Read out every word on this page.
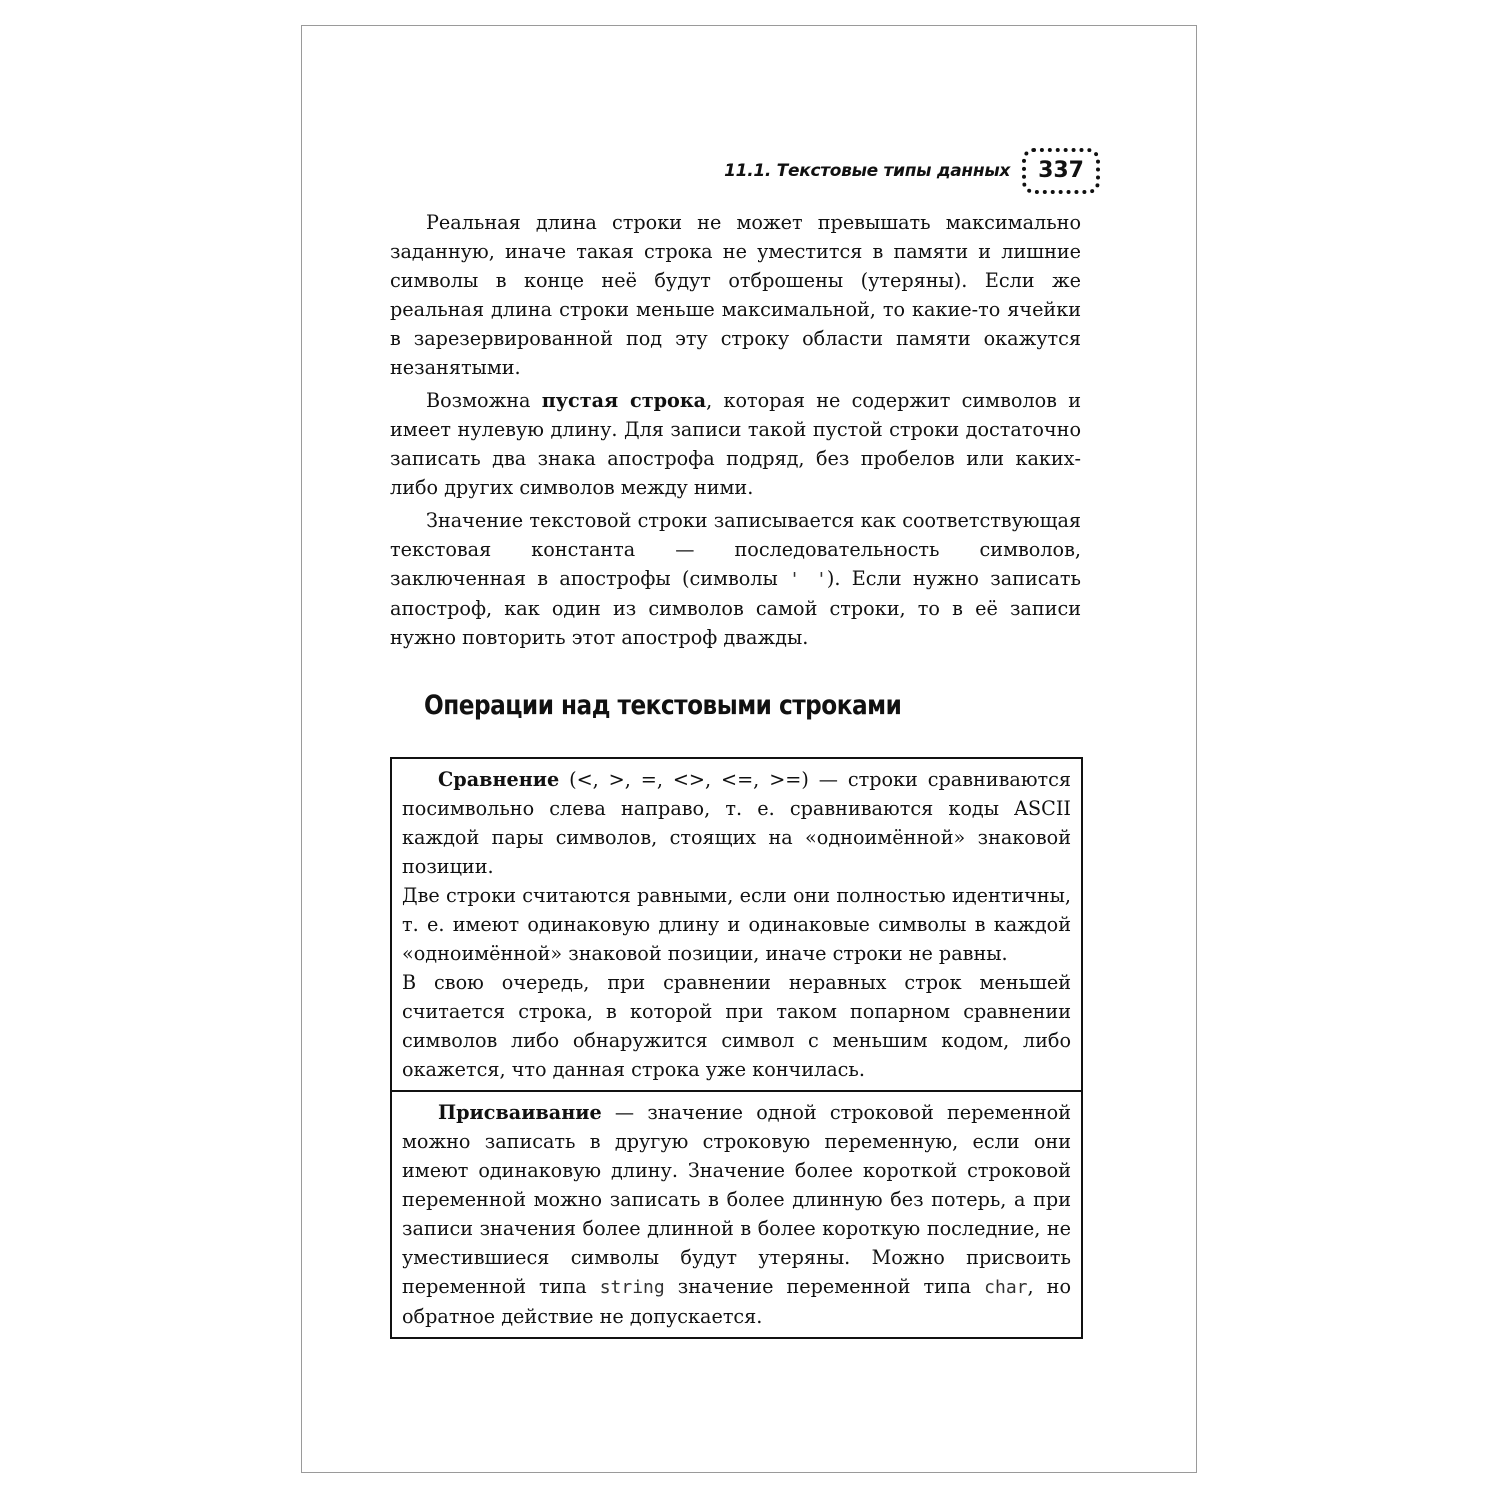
11.1. Текстовые типы данных	337

Реальная длина строки не может превышать максимально заданную, иначе такая строка не уместится в памяти и лишние символы в конце неё будут отброшены (утеряны). Если же реальная длина строки меньше максимальной, то какие-то ячейки в зарезервированной под эту строку области памяти окажутся незанятыми.

Возможна пустая строка, которая не содержит символов и имеет нулевую длину. Для записи такой пустой строки достаточно записать два знака апострофа подряд, без пробелов или каких-либо других символов между ними.

Значение текстовой строки записывается как соответствующая текстовая константа — последовательность символов, заключенная в апострофы (символы ' '). Если нужно записать апостроф, как один из символов самой строки, то в её записи нужно повторить этот апостроф дважды.

Операции над текстовыми строками

Сравнение (<, >, =, <>, <=, >=) — строки сравниваются посимвольно слева направо, т. е. сравниваются коды ASCII каждой пары символов, стоящих на «одноимённой» знаковой позиции.

Две строки считаются равными, если они полностью идентичны, т. е. имеют одинаковую длину и одинаковые символы в каждой «одноимённой» знаковой позиции, иначе строки не равны.

В свою очередь, при сравнении неравных строк меньшей считается строка, в которой при таком попарном сравнении символов либо обнаружится символ с меньшим кодом, либо окажется, что данная строка уже кончилась.

Присваивание — значение одной строковой переменной можно записать в другую строковую переменную, если они имеют одинаковую длину. Значение более короткой строковой переменной можно записать в более длинную без потерь, а при записи значения более длинной в более короткую последние, не уместившиеся символы будут утеряны. Можно присвоить переменной типа string значение переменной типа char, но обратное действие не допускается.
